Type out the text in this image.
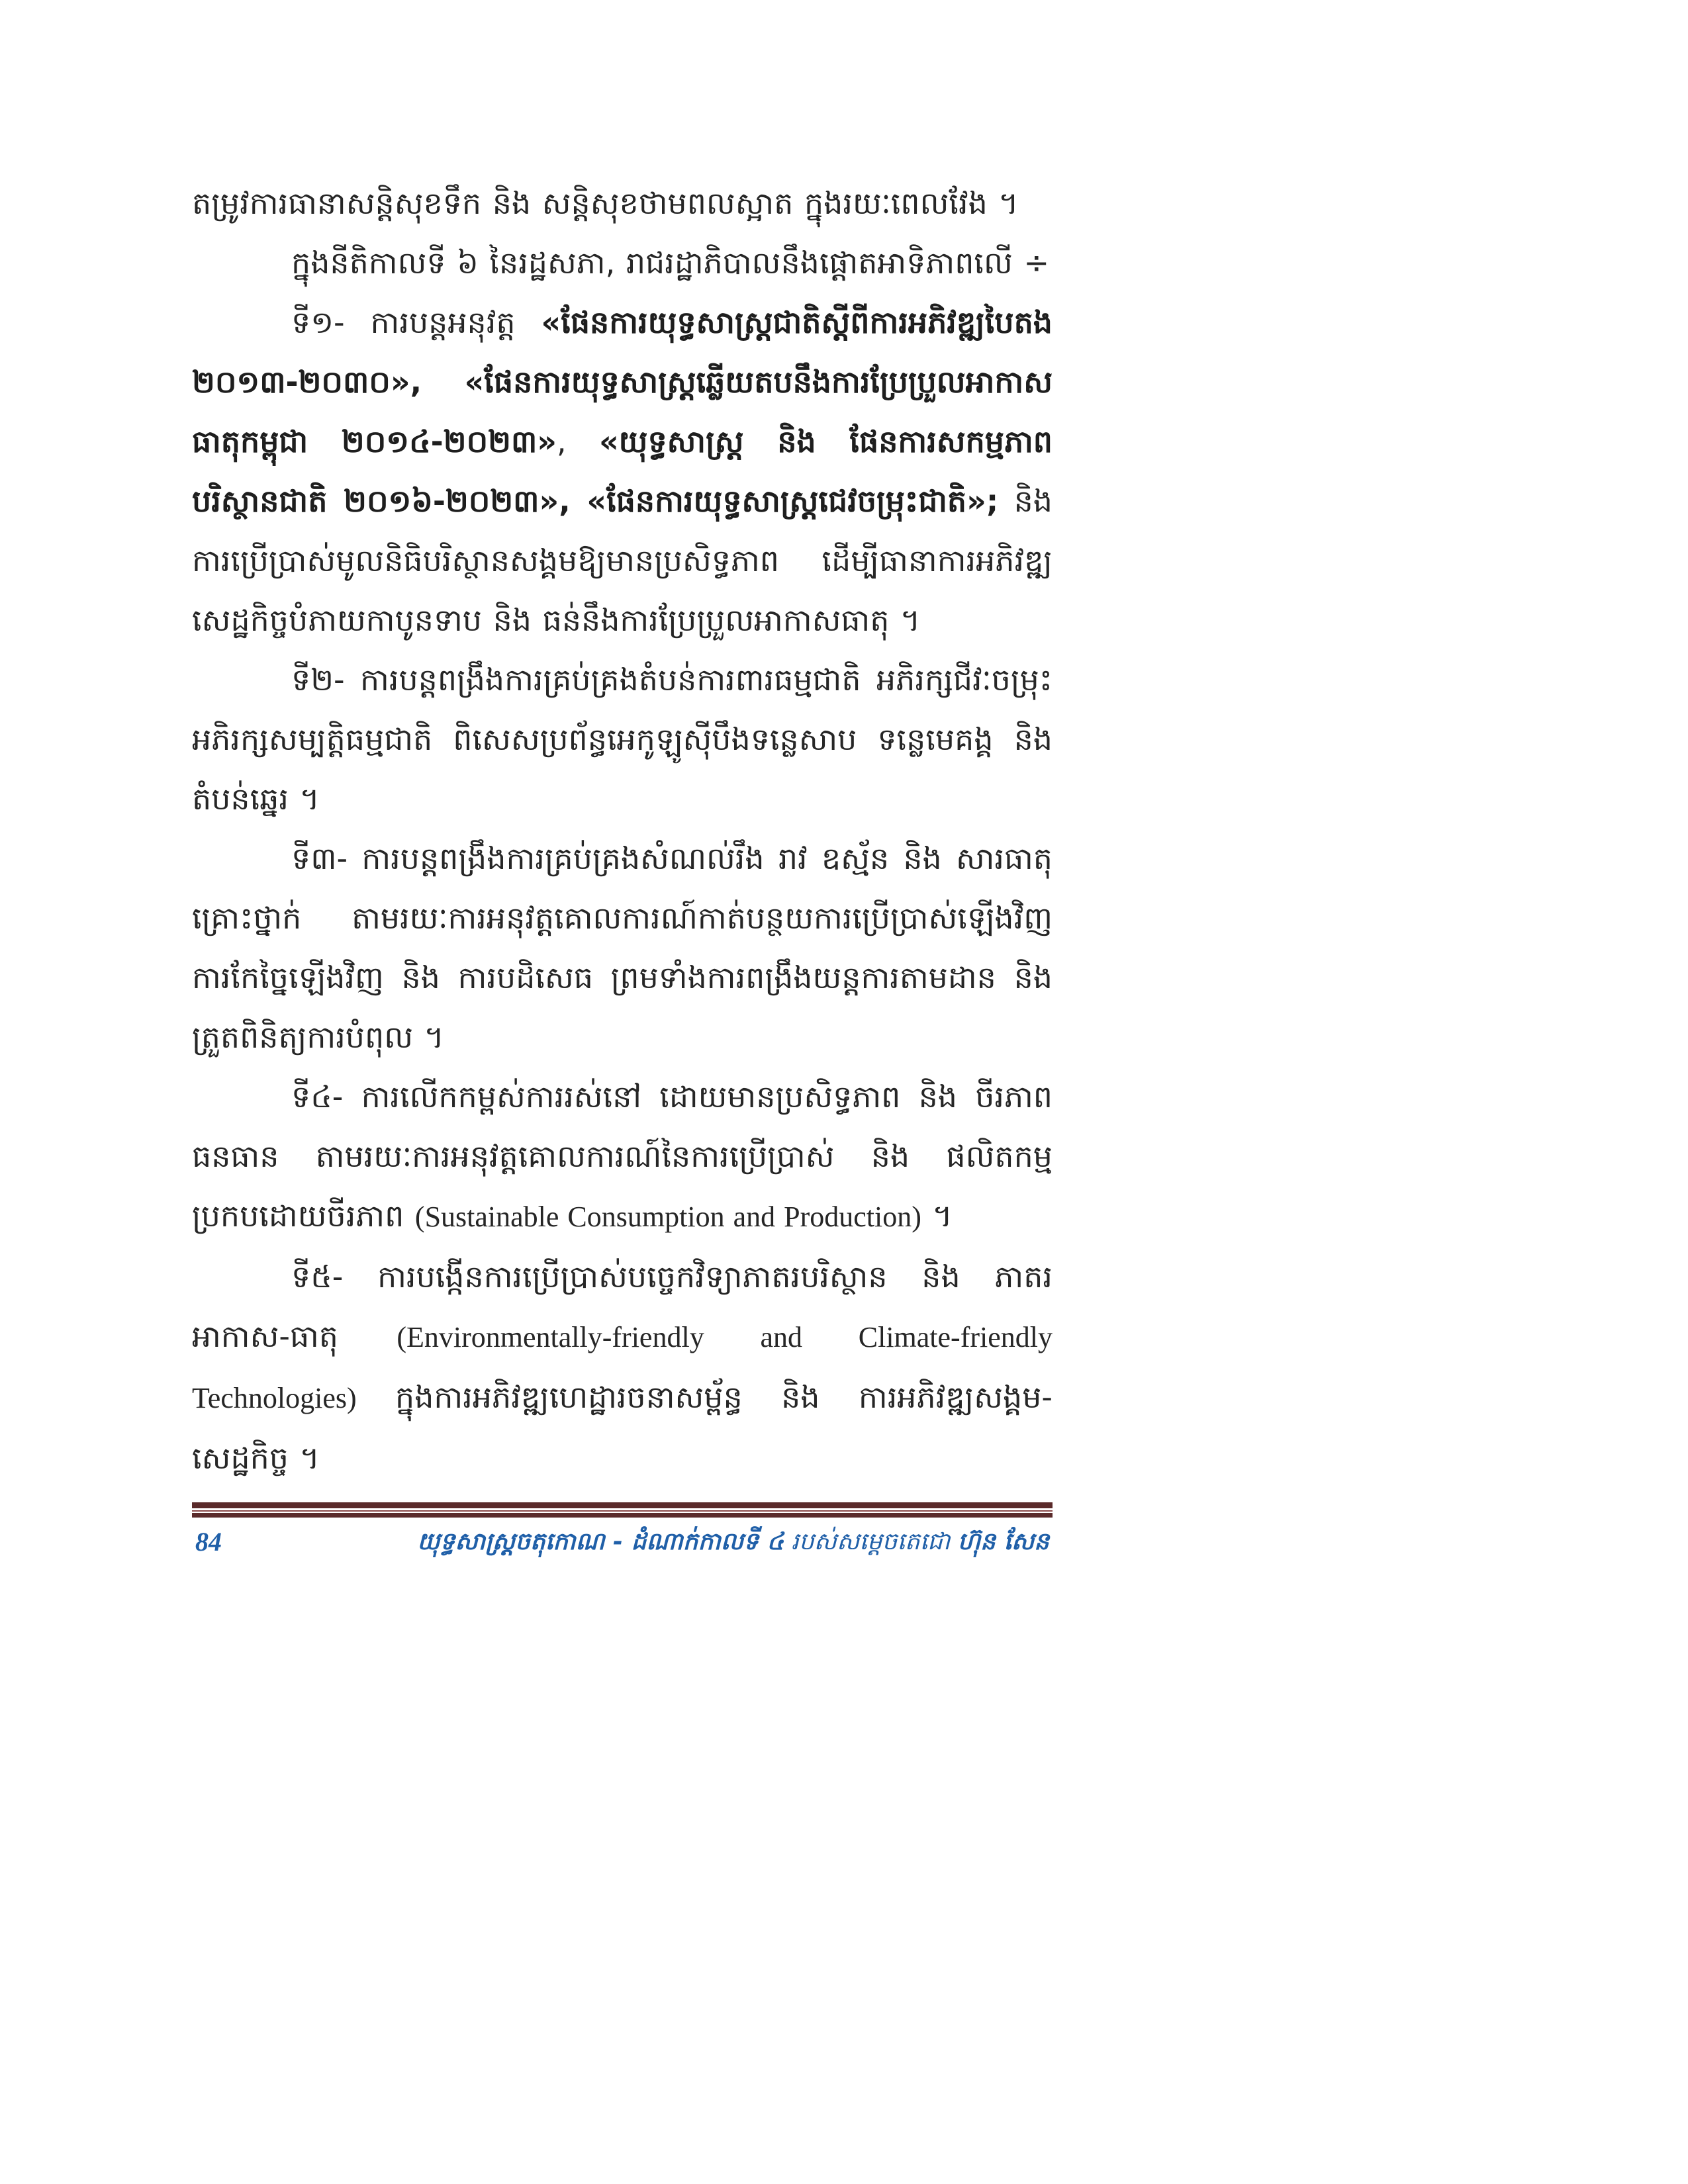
តម្រូវការធានាសន្តិសុខទឹក និង សន្តិសុខថាមពលស្អាត ក្នុងរយៈពេលវែង ។

ក្នុងនីតិកាលទី ៦ នៃរដ្ឋសភា, រាជរដ្ឋាភិបាលនឹងផ្ដោតអាទិភាពលើ ÷

ទី១- ការបន្តអនុវត្ត «ផែនការយុទ្ធសាស្ត្រជាតិស្ដីពីការអភិវឌ្ឍបៃតង ២០១៣-២០៣០», «ផែនការយុទ្ធសាស្ត្រឆ្លើយតបនឹងការប្រែប្រួលអាកាសធាតុកម្ពុជា ២០១៤-២០២៣», «យុទ្ធសាស្ត្រ និង ផែនការសកម្មភាពបរិស្ថានជាតិ ២០១៦-២០២៣», «ផែនការយុទ្ធសាស្ត្រជេវចម្រុះជាតិ»; និង ការប្រើប្រាស់មូលនិធិបរិស្ថានសង្គមឱ្យមានប្រសិទ្ធភាព ដើម្បីធានាការអភិវឌ្ឍសេដ្ឋកិច្ចបំភាយកាបូនទាប និង ធន់នឹងការប្រែប្រួលអាកាសធាតុ ។

ទី២- ការបន្តពង្រឹងការគ្រប់គ្រងតំបន់ការពារធម្មជាតិ អភិរក្សជីវៈចម្រុះ អភិរក្សសម្បត្តិធម្មជាតិ ពិសេសប្រព័ន្ធអេកូឡូស៊ីបឹងទន្លេសាប ទន្លេមេគង្គ និង តំបន់ឆ្នេរ ។

ទី៣- ការបន្តពង្រឹងការគ្រប់គ្រងសំណល់រឹង រាវ ឧស្ម័ន និង សារធាតុគ្រោះថ្នាក់ តាមរយៈការអនុវត្តគោលការណ៍កាត់បន្ថយការប្រើប្រាស់ឡើងវិញ ការកែច្នៃឡើងវិញ និង ការបដិសេធ ព្រមទាំងការពង្រឹងយន្តការតាមដាន និង ត្រួតពិនិត្យការបំពុល ។

ទី៤- ការលើកកម្ពស់ការរស់នៅ ដោយមានប្រសិទ្ធភាព និង ចីរភាពធនធាន តាមរយៈការអនុវត្តគោលការណ៍នៃការប្រើប្រាស់ និង ផលិតកម្ម ប្រកបដោយចីរភាព (Sustainable Consumption and Production) ។

ទី៥- ការបង្កើនការប្រើប្រាស់បច្ចេកវិទ្យាភាតរបរិស្ថាន និង ភាតរអាកាស-ធាតុ (Environmentally-friendly and Climate-friendly Technologies) ក្នុងការអភិវឌ្ឍហេដ្ឋារចនាសម្ព័ន្ធ និង ការអភិវឌ្ឍសង្គម- សេដ្ឋកិច្ច ។

84	យុទ្ធសាស្ត្រចតុកោណ - ដំណាក់កាលទី ៤ របស់សម្ដេចតេជោ ហ៊ុន សែន
